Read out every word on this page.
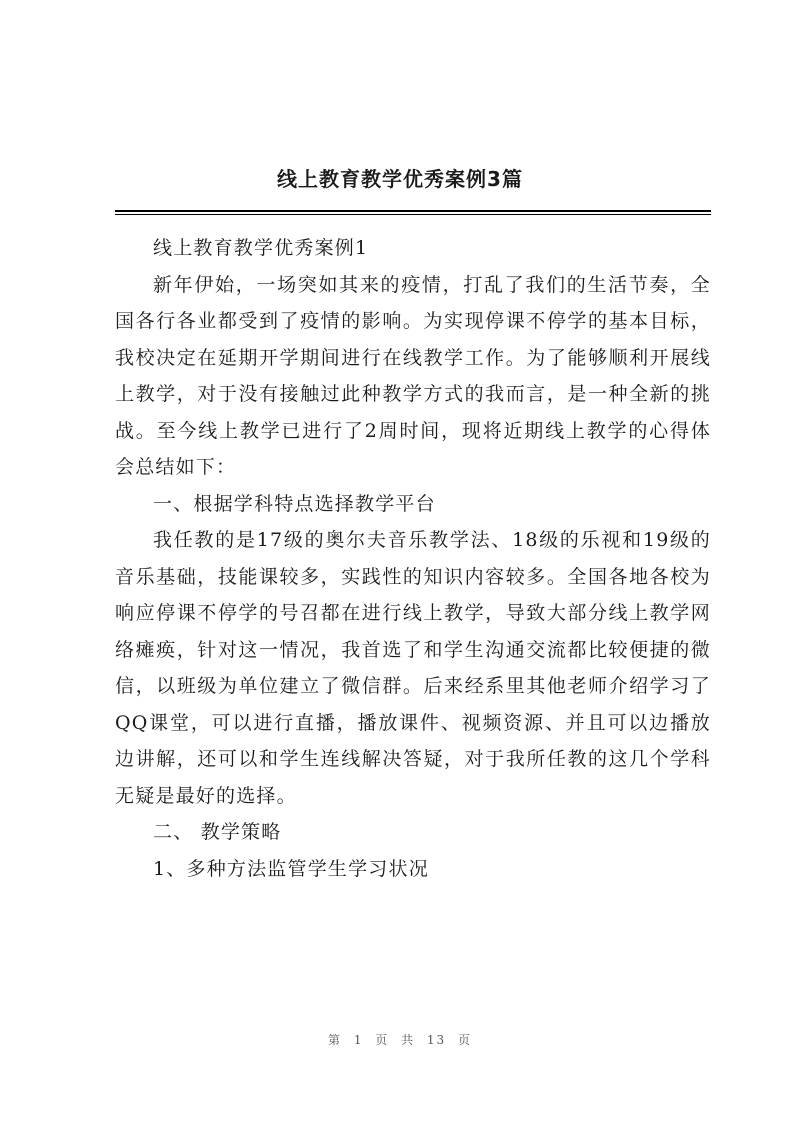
线上教育教学优秀案例3篇

线上教育教学优秀案例1

新年伊始，一场突如其来的疫情，打乱了我们的生活节奏，全国各行各业都受到了疫情的影响。为实现停课不停学的基本目标，我校决定在延期开学期间进行在线教学工作。为了能够顺利开展线上教学，对于没有接触过此种教学方式的我而言，是一种全新的挑战。至今线上教学已进行了2周时间，现将近期线上教学的心得体会总结如下：

一、根据学科特点选择教学平台

我任教的是17级的奥尔夫音乐教学法、18级的乐视和19级的音乐基础，技能课较多，实践性的知识内容较多。全国各地各校为响应停课不停学的号召都在进行线上教学，导致大部分线上教学网络瘫痪，针对这一情况，我首选了和学生沟通交流都比较便捷的微信，以班级为单位建立了微信群。后来经系里其他老师介绍学习了QQ课堂，可以进行直播，播放课件、视频资源、并且可以边播放边讲解，还可以和学生连线解决答疑，对于我所任教的这几个学科无疑是最好的选择。

二、 教学策略

1、多种方法监管学生学习状况

第 1 页 共 13 页
